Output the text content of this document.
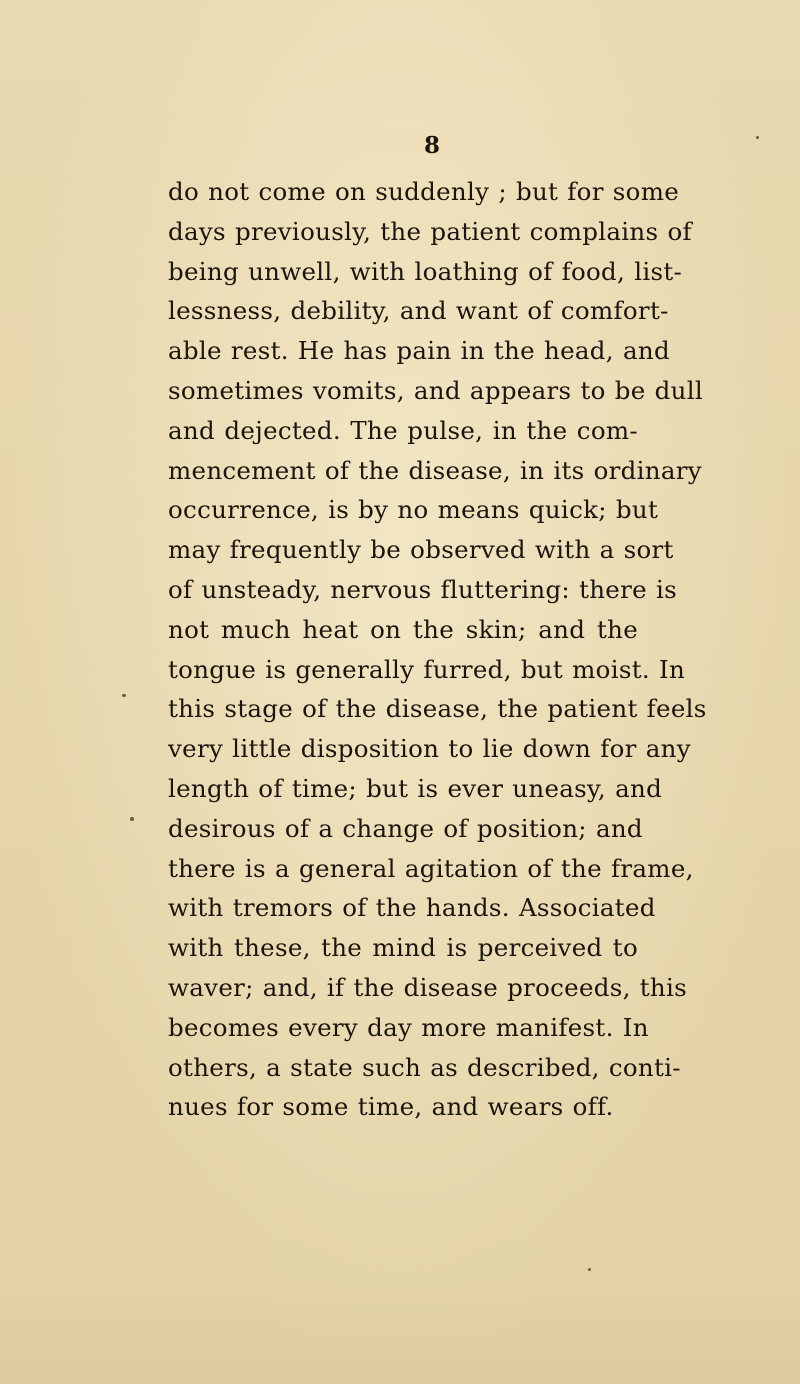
8
do not come on suddenly ; but for some
days previously, the patient complains of
being unwell, with loathing of food, list-
lessness, debility, and want of comfort-
able rest. He has pain in the head, and
sometimes vomits, and appears to be dull
and dejected. The pulse, in the com-
mencement of the disease, in its ordinary
occurrence, is by no means quick; but
may frequently be observed with a sort
of unsteady, nervous fluttering: there is
not much heat on the skin; and the
tongue is generally furred, but moist. In
this stage of the disease, the patient feels
very little disposition to lie down for any
length of time; but is ever uneasy, and
desirous of a change of position; and
there is a general agitation of the frame,
with tremors of the hands. Associated
with these, the mind is perceived to
waver; and, if the disease proceeds, this
becomes every day more manifest. In
others, a state such as described, conti-
nues for some time, and wears off.
